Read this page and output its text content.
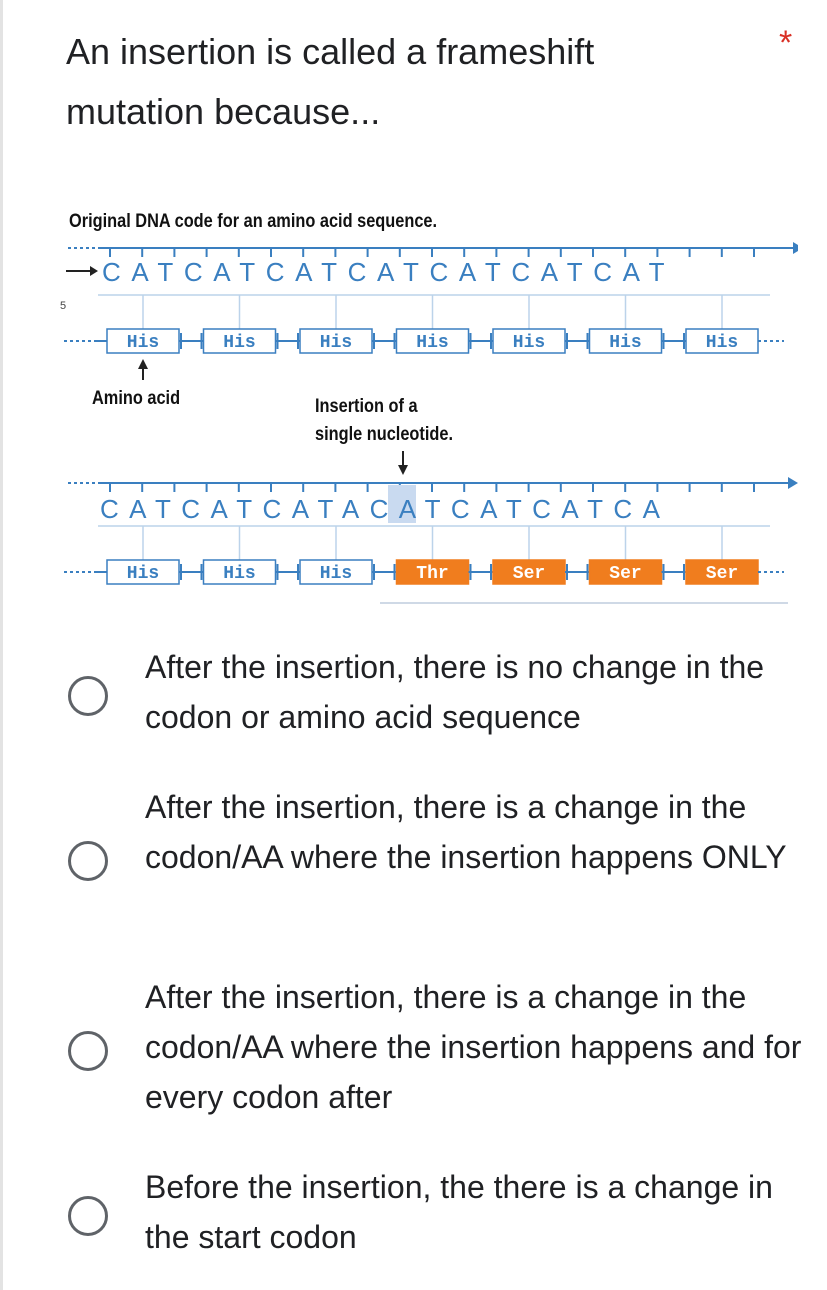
An insertion is called a frameshift mutation because...
*
5
His	His	His	His	His	His	His
His	His	His	Thr	Ser	Ser	Ser
Original DNA code for an amino acid sequence.
CATCATCATCATCATCATCAT
Amino acid	Insertion of a
single nucleotide.
CATCATCATACATCATCATCA
After the insertion, there is no change in the codon or amino acid sequence
After the insertion, there is a change in the codon/AA where the insertion happens ONLY
After the insertion, there is a change in the codon/AA where the insertion happens and for every codon after
Before the insertion, the there is a change in the start codon
